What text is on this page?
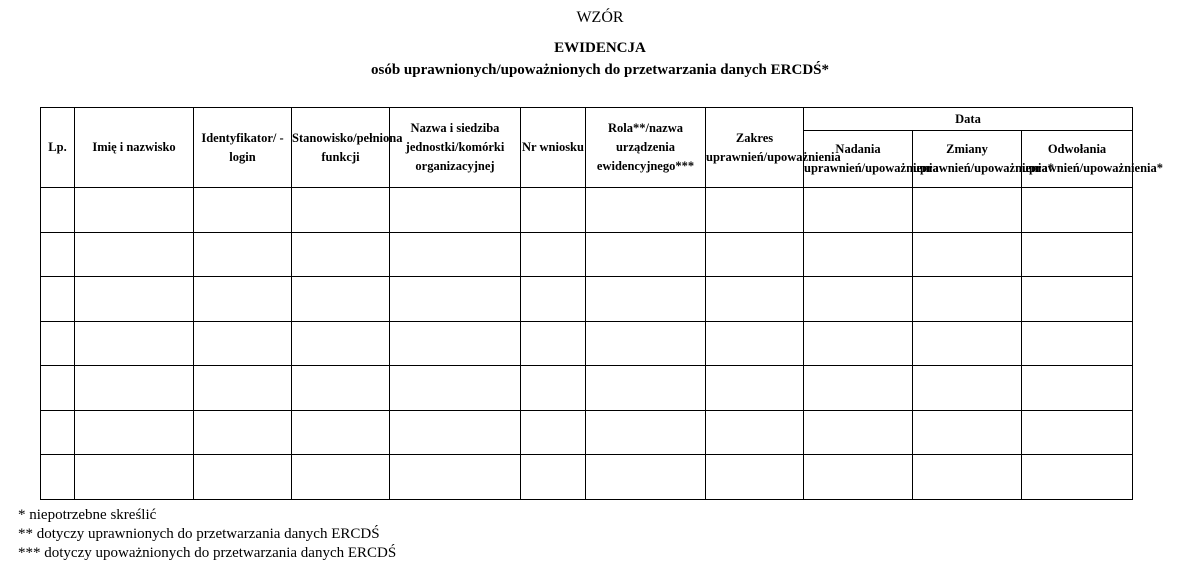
WZÓR
EWIDENCJA
osób uprawnionych/upoważnionych do przetwarzania danych ERCDŚ*
Lp.	Imię i nazwisko	Identyfikator/ - login	Stanowisko/pełniona funkcji	Nazwa i siedziba jednostki/komórki organizacyjnej	Nr wniosku	Rola**/nazwa urządzenia ewidencyjnego***	Zakres uprawnień/upoważnienia	Data		
								Nadania uprawnień/upoważnienia	Zmiany uprawnień/upoważnienia*	Odwołania uprawnień/upoważnienia*

* niepotrzebne skreślić
** dotyczy uprawnionych do przetwarzania danych ERCDŚ
*** dotyczy upoważnionych do przetwarzania danych ERCDŚ
